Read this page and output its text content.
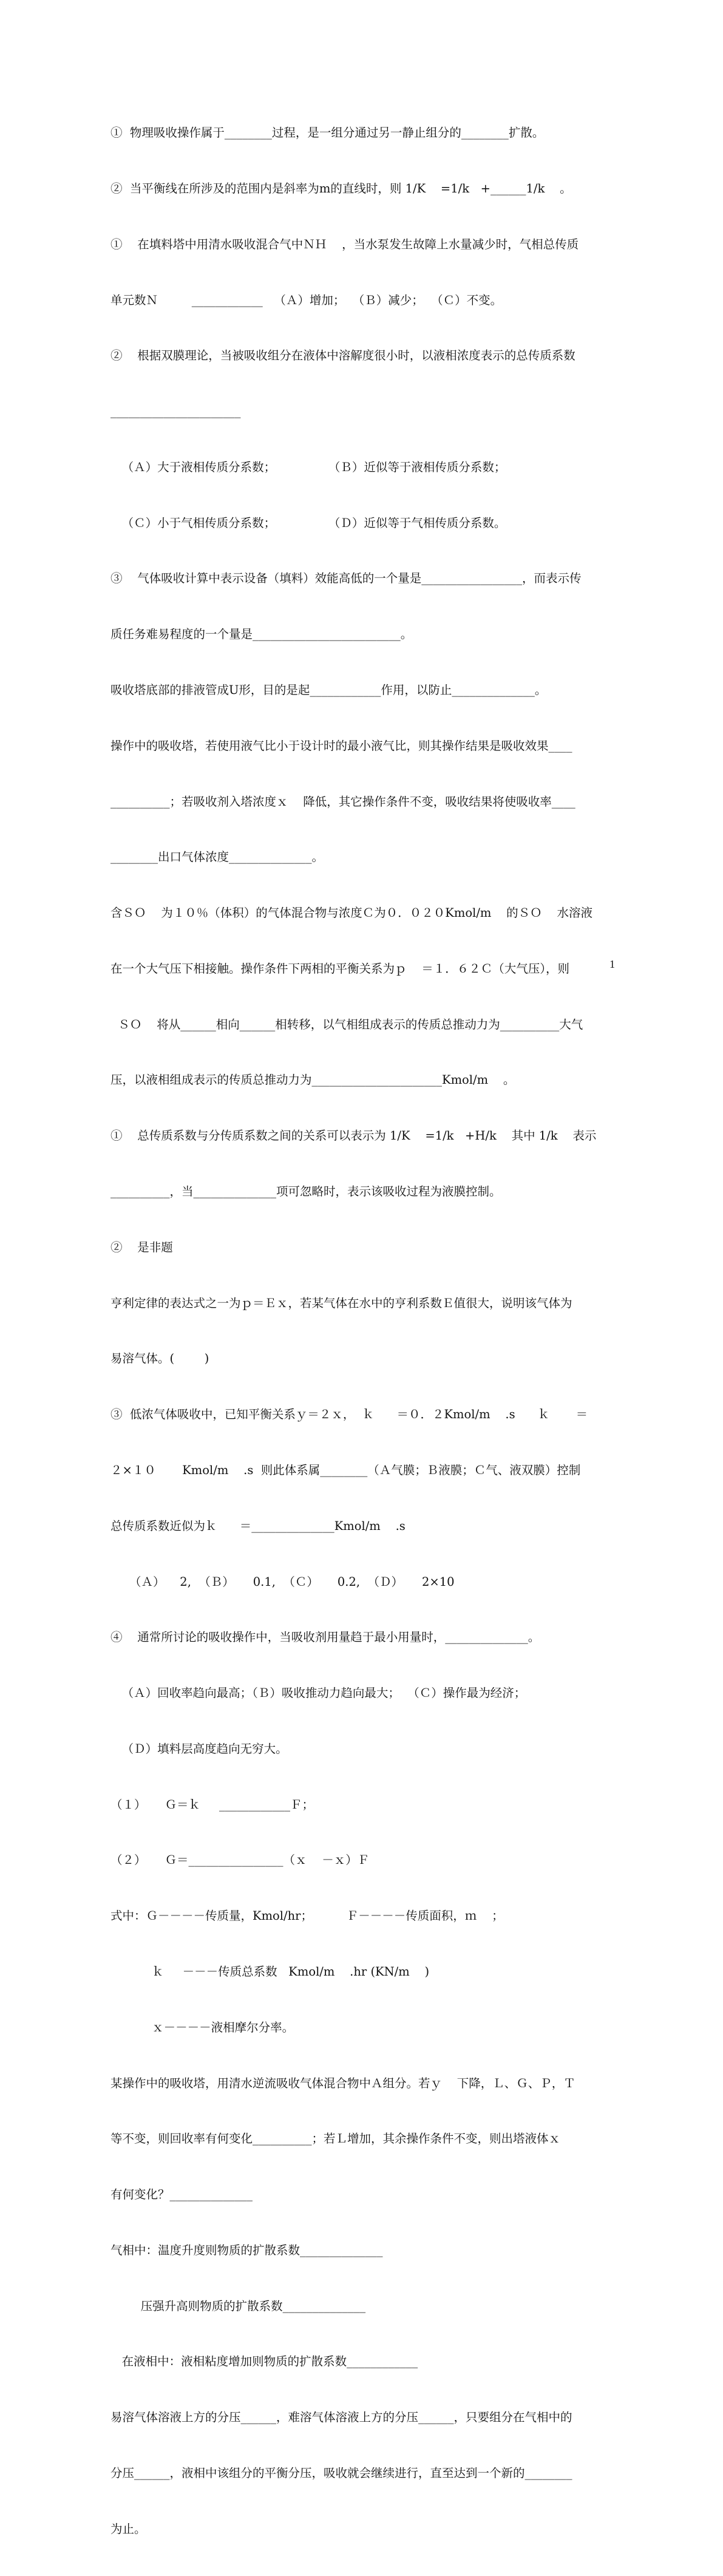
①  物理吸收操作属于________过程，是一组分通过另一静止组分的________扩散。

②  当平衡线在所涉及的范围内是斜率为m的直线时，则 1/K    =1/k   +______1/k    。

①    在填料塔中用清水吸收混合气中ＮＨ    ，当水泵发生故障上水量减少时，气相总传质

单元数Ｎ         ____________   （Ａ）增加；  （Ｂ）减少；  （Ｃ）不变。

②    根据双膜理论，当被吸收组分在液体中溶解度很小时，以液相浓度表示的总传质系数

______________________

（Ａ）大于液相传质分系数；              （Ｂ）近似等于液相传质分系数；

（Ｃ）小于气相传质分系数；              （Ｄ）近似等于气相传质分系数。

③    气体吸收计算中表示设备（填料）效能高低的一个量是_________________，而表示传

质任务难易程度的一个量是_________________________。

吸收塔底部的排液管成U形，目的是起____________作用，以防止______________。

操作中的吸收塔，若使用液气比小于设计时的最小液气比，则其操作结果是吸收效果____

__________；若吸收剂入塔浓度ｘ    降低，其它操作条件不变，吸收结果将使吸收率____

________出口气体浓度______________。

含ＳＯ    为１０％（体积）的气体混合物与浓度Ｃ为０．０２０Kmol/m    的ＳＯ    水溶液

在一个大气压下相接触。操作条件下两相的平衡关系为ｐ    ＝１．６２Ｃ（大气压），则

ＳＯ    将从______相向______相转移，以气相组成表示的传质总推动力为__________大气

压，以液相组成表示的传质总推动力为______________________Kmol/m    。

①    总传质系数与分传质系数之间的关系可以表示为 1/K    =1/k   +H/k    其中 1/k    表示

__________，当______________项可忽略时，表示该吸收过程为液膜控制。

②    是非题

亨利定律的表达式之一为ｐ＝Ｅｘ，若某气体在水中的亨利系数Ｅ值很大，说明该气体为

易溶气体。(        )

③  低浓气体吸收中，已知平衡关系ｙ＝２ｘ，  ｋ      ＝０．２Kmol/m    .s      ｋ       ＝

２×１０       Kmol/m    .s  则此体系属________（Ａ气膜；Ｂ液膜；Ｃ气、液双膜）控制

总传质系数近似为ｋ      ＝______________Kmol/m    .s

（Ａ）    2,  （Ｂ）     0.1,  （Ｃ）     0.2,  （Ｄ）     2×10

④    通常所讨论的吸收操作中，当吸收剂用量趋于最小用量时，______________。

（Ａ）回收率趋向最高；（Ｂ）吸收推动力趋向最大；  （Ｃ）操作最为经济；

（Ｄ）填料层高度趋向无穷大。

（１）     Ｇ＝ｋ     ____________Ｆ；

（２）     Ｇ＝________________（ｘ    －ｘ）Ｆ

式中：Ｇ－－－－传质量，Kmol/hr；         Ｆ－－－－传质面积，ｍ    ；

ｋ     －－－传质总系数   Kmol/m    .hr (KN/m    )

ｘ－－－－液相摩尔分率。

某操作中的吸收塔，用清水逆流吸收气体混合物中Ａ组分。若ｙ    下降，Ｌ、Ｇ、Ｐ，Ｔ

等不变，则回收率有何变化__________；若Ｌ增加，其余操作条件不变，则出塔液体ｘ

有何变化？______________

气相中：温度升度则物质的扩散系数______________

压强升高则物质的扩散系数______________

在液相中：液相粘度增加则物质的扩散系数____________

易溶气体溶液上方的分压______，难溶气体溶液上方的分压______，只要组分在气相中的

分压______，液相中该组分的平衡分压，吸收就会继续进行，直至达到一个新的________

为止。

1
